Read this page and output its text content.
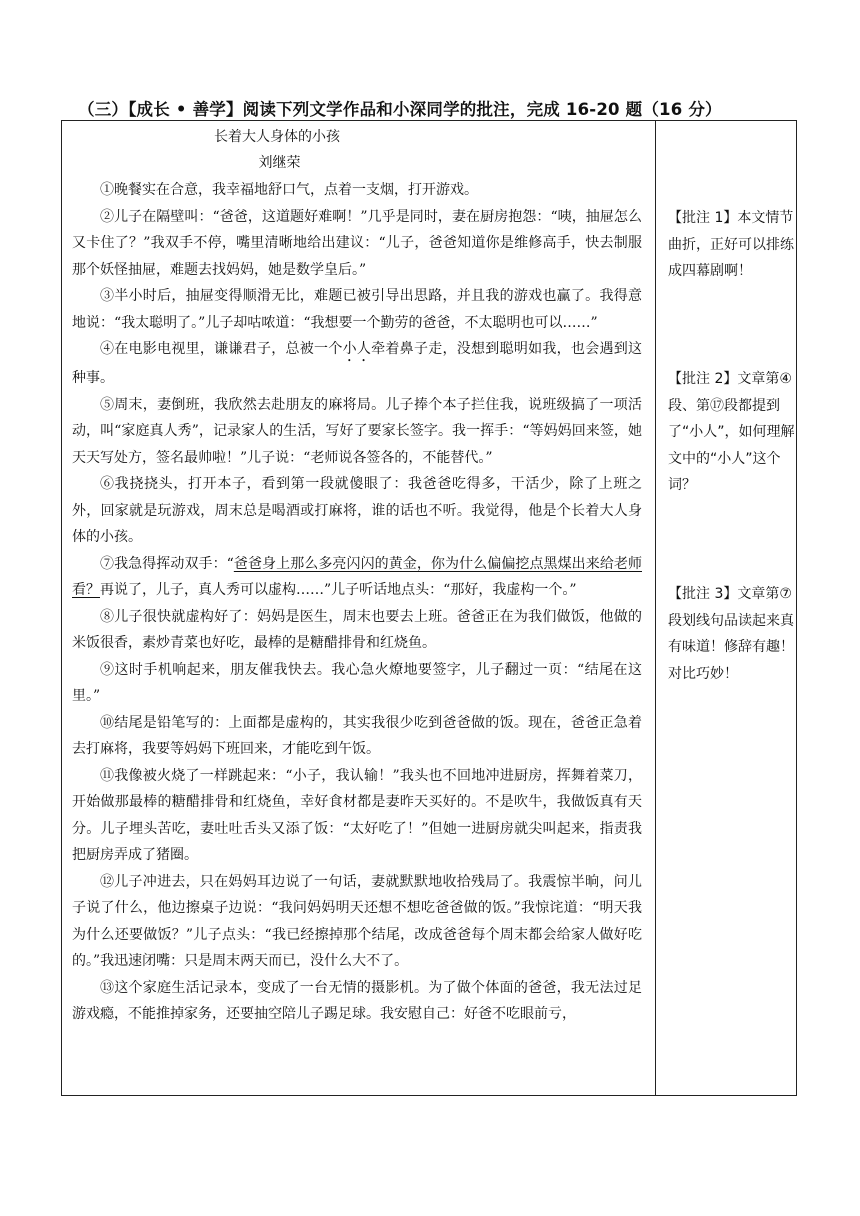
（三）【成长 • 善学】阅读下列文学作品和小深同学的批注，完成 16-20 题（16 分）
长着大人身体的小孩
刘继荣

①晚餐实在合意，我幸福地舒口气，点着一支烟，打开游戏。

②儿子在隔壁叫：“爸爸，这道题好难啊！”几乎是同时，妻在厨房抱怨：“咦，抽屉怎么又卡住了？”我双手不停，嘴里清晰地给出建议：“儿子，爸爸知道你是维修高手，快去制服那个妖怪抽屉，难题去找妈妈，她是数学皇后。”

③半小时后，抽屉变得顺滑无比，难题已被引导出思路，并且我的游戏也赢了。我得意地说：“我太聪明了。”儿子却咕哝道：“我想要一个勤劳的爸爸，不太聪明也可以……”

④在电影电视里，谦谦君子，总被一个小人牵着鼻子走，没想到聪明如我，也会遇到这种事。

⑤周末，妻倒班，我欣然去赴朋友的麻将局。儿子捧个本子拦住我，说班级搞了一项活动，叫“家庭真人秀”，记录家人的生活，写好了要家长签字。我一挥手：“等妈妈回来签，她天天写处方，签名最帅啦！”儿子说：“老师说各签各的，不能替代。”

⑥我挠挠头，打开本子，看到第一段就傻眼了：我爸爸吃得多，干活少，除了上班之外，回家就是玩游戏，周末总是喝酒或打麻将，谁的话也不听。我觉得，他是个长着大人身体的小孩。

⑦我急得挥动双手：“爸爸身上那么多亮闪闪的黄金，你为什么偏偏挖点黑煤出来给老师看？再说了，儿子，真人秀可以虚构……”儿子听话地点头：“那好，我虚构一个。”

⑧儿子很快就虚构好了：妈妈是医生，周末也要去上班。爸爸正在为我们做饭，他做的米饭很香，素炒青菜也好吃，最棒的是糖醋排骨和红烧鱼。

⑨这时手机响起来，朋友催我快去。我心急火燎地要签字，儿子翻过一页：“结尾在这里。”

⑩结尾是铅笔写的：上面都是虚构的，其实我很少吃到爸爸做的饭。现在，爸爸正急着去打麻将，我要等妈妈下班回来，才能吃到午饭。

⑪我像被火烧了一样跳起来：“小子，我认输！”我头也不回地冲进厨房，挥舞着菜刀，开始做那最棒的糖醋排骨和红烧鱼，幸好食材都是妻昨天买好的。不是吹牛，我做饭真有天分。儿子埋头苦吃，妻吐吐舌头又添了饭：“太好吃了！”但她一进厨房就尖叫起来，指责我把厨房弄成了猪圈。

⑫儿子冲进去，只在妈妈耳边说了一句话，妻就默默地收拾残局了。我震惊半晌，问儿子说了什么，他边擦桌子边说：“我问妈妈明天还想不想吃爸爸做的饭。”我惊诧道：“明天我为什么还要做饭？”儿子点头：“我已经擦掉那个结尾，改成爸爸每个周末都会给家人做好吃的。”我迅速闭嘴：只是周末两天而已，没什么大不了。

⑬这个家庭生活记录本，变成了一台无情的摄影机。为了做个体面的爸爸，我无法过足游戏瘾，不能推掉家务，还要抽空陪儿子踢足球。我安慰自己：好爸不吃眼前亏，

【批注 1】本文情节曲折，正好可以排练成四幕剧啊！
【批注 2】文章第④段、第⑰段都提到了“小人”，如何理解文中的“小人”这个词？
【批注 3】文章第⑦段划线句品读起来真有味道！修辞有趣！对比巧妙！
